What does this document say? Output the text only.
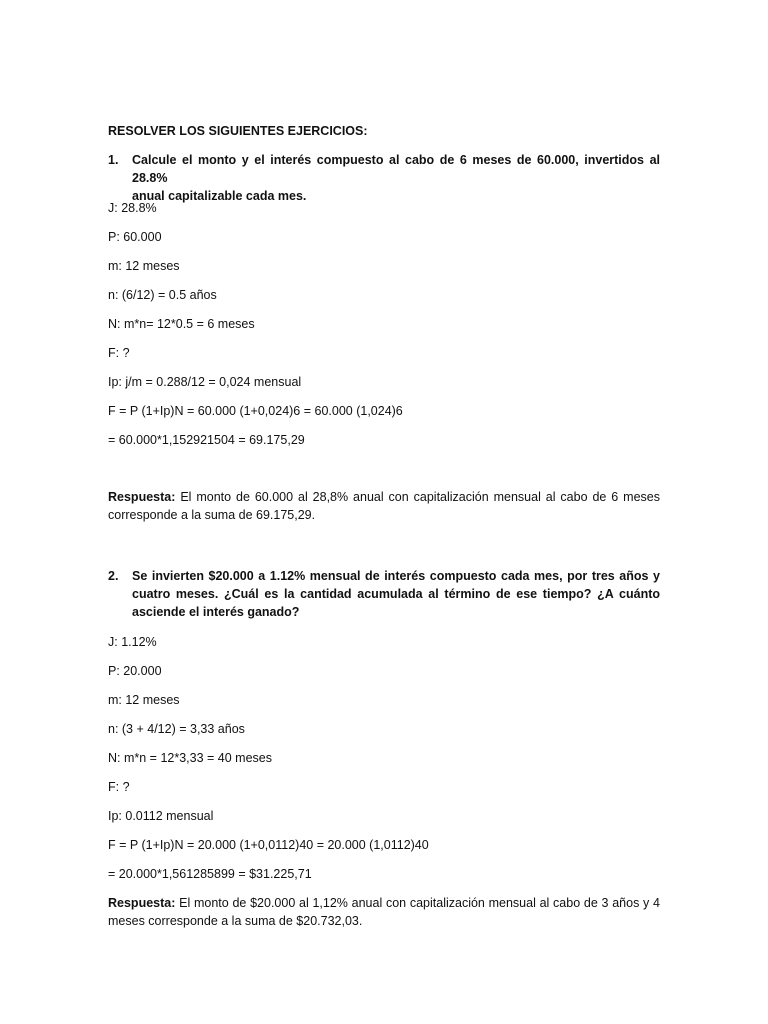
RESOLVER LOS SIGUIENTES EJERCICIOS:
1. Calcule el monto y el interés compuesto al cabo de 6 meses de 60.000, invertidos al 28.8%
anual capitalizable cada mes.
J: 28.8%
P: 60.000
m: 12 meses
n: (6/12) = 0.5 años
N: m*n= 12*0.5 = 6 meses
F: ?
Ip: j/m = 0.288/12 = 0,024 mensual
F = P (1+Ip)N = 60.000 (1+0,024)6 = 60.000 (1,024)6
= 60.000*1,152921504 = 69.175,29
Respuesta: El monto de 60.000 al 28,8% anual con capitalización mensual al cabo de 6 meses
corresponde a la suma de 69.175,29.
2. Se invierten $20.000 a 1.12% mensual de interés compuesto cada mes, por tres años y
cuatro meses. ¿Cuál es la cantidad acumulada al término de ese tiempo? ¿A cuánto
asciende el interés ganado?
J: 1.12%
P: 20.000
m: 12 meses
n: (3 + 4/12) = 3,33 años
N: m*n = 12*3,33 = 40 meses
F: ?
Ip: 0.0112 mensual
F = P (1+Ip)N = 20.000 (1+0,0112)40 = 20.000 (1,0112)40
= 20.000*1,561285899 = $31.225,71
Respuesta: El monto de $20.000 al 1,12% anual con capitalización mensual al cabo de 3 años y 4
meses corresponde a la suma de $20.732,03.
